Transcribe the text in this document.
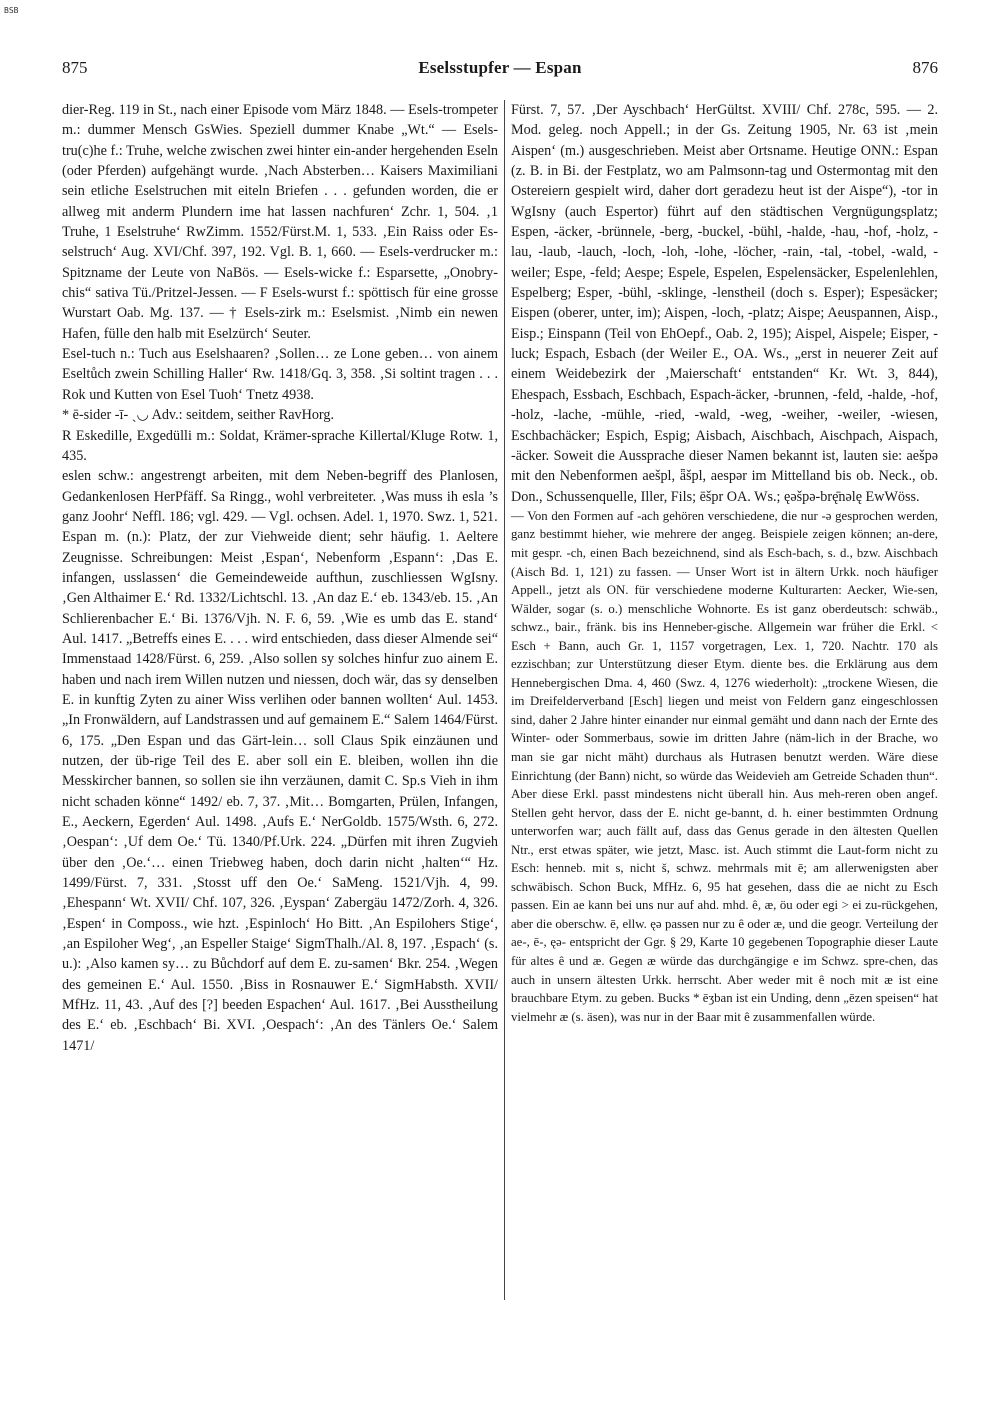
BSB
875	Eselsstupfer — Espan	876

dier-Reg. 119 in St., nach einer Episode vom März 1848. — Esels-trompeter m.: dummer Mensch GsWies. Speziell dummer Knabe „Wt.“ — Esels-tru(c)he f.: Truhe, welche zwischen zwei hinter ein-ander hergehenden Eseln (oder Pferden) aufgehängt wurde. ‚Nach Absterben… Kaisers Maximiliani sein etliche Eselstruchen mit eiteln Briefen . . . gefunden worden, die er allweg mit anderm Plundern ime hat lassen nachfuren‘ Zchr. 1, 504. ‚1 Truhe, 1 Eselstruhe‘ RwZimm. 1552/Fürst.M. 1, 533. ‚Ein Raiss oder Es-selstruch‘ Aug. XVI/Chf. 397, 192. Vgl. B. 1, 660. — Esels-verdrucker m.: Spitzname der Leute von NaBös. — Esels-wicke f.: Esparsette, „Onobry-chis“ sativa Tü./Pritzel-Jessen. — F Esels-wurst f.: spöttisch für eine grosse Wurstart Oab. Mg. 137. — † Esels-zirk m.: Eselsmist. ‚Nimb ein newen Hafen, fülle den halb mit Eselzürch‘ Seuter.

Esel-tuch n.: Tuch aus Eselshaaren? ‚Sollen… ze Lone geben… von ainem Eseltůch zwein Schilling Haller‘ Rw. 1418/Gq. 3, 358. ‚Si soltint tragen . . . Rok und Kutten von Esel Tuoh‘ Tnetz 4938.

* ē-sider -ī- ˏ◡ Adv.: seitdem, seither RavHorg.

R Eskedille, Exgedülli m.: Soldat, Krämer-sprache Killertal/Kluge Rotw. 1, 435.

eslen schw.: angestrengt arbeiten, mit dem Neben-begriff des Planlosen, Gedankenlosen HerPfäff. Sa Ringg., wohl verbreiteter. ‚Was muss ih esla ’s ganz Joohr‘ Neffl. 186; vgl. 429. — Vgl. ochsen. Adel. 1, 1970. Swz. 1, 521.

Espan m. (n.): Platz, der zur Viehweide dient; sehr häufig. 1. Aeltere Zeugnisse. Schreibungen: Meist ‚Espan‘, Nebenform ‚Espann‘: ‚Das E. infangen, usslassen‘ die Gemeindeweide aufthun, zuschliessen WgIsny. ‚Gen Althaimer E.‘ Rd. 1332/Lichtschl. 13. ‚An daz E.‘ eb. 1343/eb. 15. ‚An Schlierenbacher E.‘ Bi. 1376/Vjh. N. F. 6, 59. ‚Wie es umb das E. stand‘ Aul. 1417. „Betreffs eines E. . . . wird entschieden, dass dieser Almende sei“ Immenstaad 1428/Fürst. 6, 259. ‚Also sollen sy solches hinfur zuo ainem E. haben und nach irem Willen nutzen und niessen, doch wär, das sy denselben E. in kunftig Zyten zu ainer Wiss verlihen oder bannen wollten‘ Aul. 1453. „In Fronwäldern, auf Landstrassen und auf gemainem E.“ Salem 1464/Fürst. 6, 175. „Den Espan und das Gärt-lein… soll Claus Spik einzäunen und nutzen, der üb-rige Teil des E. aber soll ein E. bleiben, wollen ihn die Messkircher bannen, so sollen sie ihn verzäunen, damit C. Sp.s Vieh in ihm nicht schaden könne“ 1492/ eb. 7, 37. ‚Mit… Bomgarten, Prülen, Infangen, E., Aeckern, Egerden‘ Aul. 1498. ‚Aufs E.‘ NerGoldb. 1575/Wsth. 6, 272. ‚Oespan‘: ‚Uf dem Oe.‘ Tü. 1340/Pf.Urk. 224. „Dürfen mit ihren Zugvieh über den ‚Oe.‘… einen Triebweg haben, doch darin nicht ‚halten‘“ Hz. 1499/Fürst. 7, 331. ‚Stosst uff den Oe.‘ SaMeng. 1521/Vjh. 4, 99. ‚Ehespann‘ Wt. XVII/ Chf. 107, 326. ‚Eyspan‘ Zabergäu 1472/Zorh. 4, 326. ‚Espen‘ in Composs., wie hzt. ‚Espinloch‘ Ho Bitt. ‚An Espilohers Stige‘, ‚an Espiloher Weg‘, ‚an Espeller Staige‘ SigmThalh./Al. 8, 197. ‚Espach‘ (s. u.): ‚Also kamen sy… zu Bůchdorf auf dem E. zu-samen‘ Bkr. 254. ‚Wegen des gemeinen E.‘ Aul. 1550. ‚Biss in Rosnauwer E.‘ SigmHabsth. XVII/ MfHz. 11, 43. ‚Auf des [?] beeden Espachen‘ Aul. 1617. ‚Bei Ausstheilung des E.‘ eb. ‚Eschbach‘ Bi. XVI. ‚Oespach‘: ‚An des Tänlers Oe.‘ Salem 1471/

Fürst. 7, 57. ‚Der Ayschbach‘ HerGültst. XVIII/ Chf. 278c, 595. — 2. Mod. geleg. noch Appell.; in der Gs. Zeitung 1905, Nr. 63 ist ‚mein Aispen‘ (m.) ausgeschrieben. Meist aber Ortsname. Heutige ONN.: Espan (z. B. in Bi. der Festplatz, wo am Palmsonn-tag und Ostermontag mit den Ostereiern gespielt wird, daher dort geradezu heut ist der Aispe“), -tor in WgIsny (auch Espertor) führt auf den städtischen Vergnügungsplatz; Espen, -äcker, -brünnele, -berg, -buckel, -bühl, -halde, -hau, -hof, -holz, -lau, -laub, -lauch, -loch, -loh, -lohe, -löcher, -rain, -tal, -tobel, -wald, -weiler; Espe, -feld; Aespe; Espele, Espelen, Espelensäcker, Espelenlehlen, Espelberg; Esper, -bühl, -sklinge, -lenstheil (doch s. Esper); Espesäcker; Eispen (oberer, unter, im); Aispen, -loch, -platz; Aispe; Aeuspannen, Aisp., Eisp.; Einspann (Teil von EhOepf., Oab. 2, 195); Aispel, Aispele; Eisper, -luck; Espach, Esbach (der Weiler E., OA. Ws., „erst in neuerer Zeit auf einem Weidebezirk der ‚Maierschaft‘ entstanden“ Kr. Wt. 3, 844), Ehespach, Essbach, Eschbach, Espach-äcker, -brunnen, -feld, -halde, -hof, -holz, -lache, -mühle, -ried, -wald, -weg, -weiher, -weiler, -wiesen, Eschbachäcker; Espich, Espig; Aisbach, Aischbach, Aischpach, Aispach, -äcker. Soweit die Aussprache dieser Namen bekannt ist, lauten sie: aešpə mit den Nebenformen aešpl, ǟšpl, aespər im Mittelland bis ob. Neck., ob. Don., Schussenquelle, Iller, Fils; ēšpr OA. Ws.; ęəšpə-brę̄nəlę EwWöss.

— Von den Formen auf -ach gehören verschiedene, die nur -ə gesprochen werden, ganz bestimmt hieher, wie mehrere der angeg. Beispiele zeigen können; an-dere, mit gespr. -ch, einen Bach bezeichnend, sind als Esch-bach, s. d., bzw. Aischbach (Aisch Bd. 1, 121) zu fassen. — Unser Wort ist in ältern Urkk. noch häufiger Appell., jetzt als ON. für verschiedene moderne Kulturarten: Aecker, Wie-sen, Wälder, sogar (s. o.) menschliche Wohnorte. Es ist ganz oberdeutsch: schwäb., schwz., bair., fränk. bis ins Henneber-gische. Allgemein war früher die Erkl. < Esch + Bann, auch Gr. 1, 1157 vorgetragen, Lex. 1, 720. Nachtr. 170 als ezzischban; zur Unterstützung dieser Etym. diente bes. die Erklärung aus dem Hennebergischen Dma. 4, 460 (Swz. 4, 1276 wiederholt): „trockene Wiesen, die im Dreifelderverband [Esch] liegen und meist von Feldern ganz eingeschlossen sind, daher 2 Jahre hinter einander nur einmal gemäht und dann nach der Ernte des Winter- oder Sommerbaus, sowie im dritten Jahre (näm-lich in der Brache, wo man sie gar nicht mäht) durchaus als Hutrasen benutzt werden. Wäre diese Einrichtung (der Bann) nicht, so würde das Weidevieh am Getreide Schaden thun“. Aber diese Erkl. passt mindestens nicht überall hin. Aus meh-reren oben angef. Stellen geht hervor, dass der E. nicht ge-bannt, d. h. einer bestimmten Ordnung unterworfen war; auch fällt auf, dass das Genus gerade in den ältesten Quellen Ntr., erst etwas später, wie jetzt, Masc. ist. Auch stimmt die Laut-form nicht zu Esch: henneb. mit s, nicht š, schwz. mehrmals mit ē; am allerwenigsten aber schwäbisch. Schon Buck, MfHz. 6, 95 hat gesehen, dass die ae nicht zu Esch passen. Ein ae kann bei uns nur auf ahd. mhd. ê, æ, öu oder egi > ei zu-rückgehen, aber die oberschw. ē, ellw. ęə passen nur zu ê oder æ, und die geogr. Verteilung der ae-, ē-, ęə- entspricht der Ggr. § 29, Karte 10 gegebenen Topographie dieser Laute für altes ê und æ. Gegen æ würde das durchgängige e im Schwz. spre-chen, das auch in unsern ältesten Urkk. herrscht. Aber weder mit ê noch mit æ ist eine brauchbare Etym. zu geben. Bucks * ēʒban ist ein Unding, denn „ēzen speisen“ hat vielmehr æ (s. äsen), was nur in der Baar mit ê zusammenfallen würde.
